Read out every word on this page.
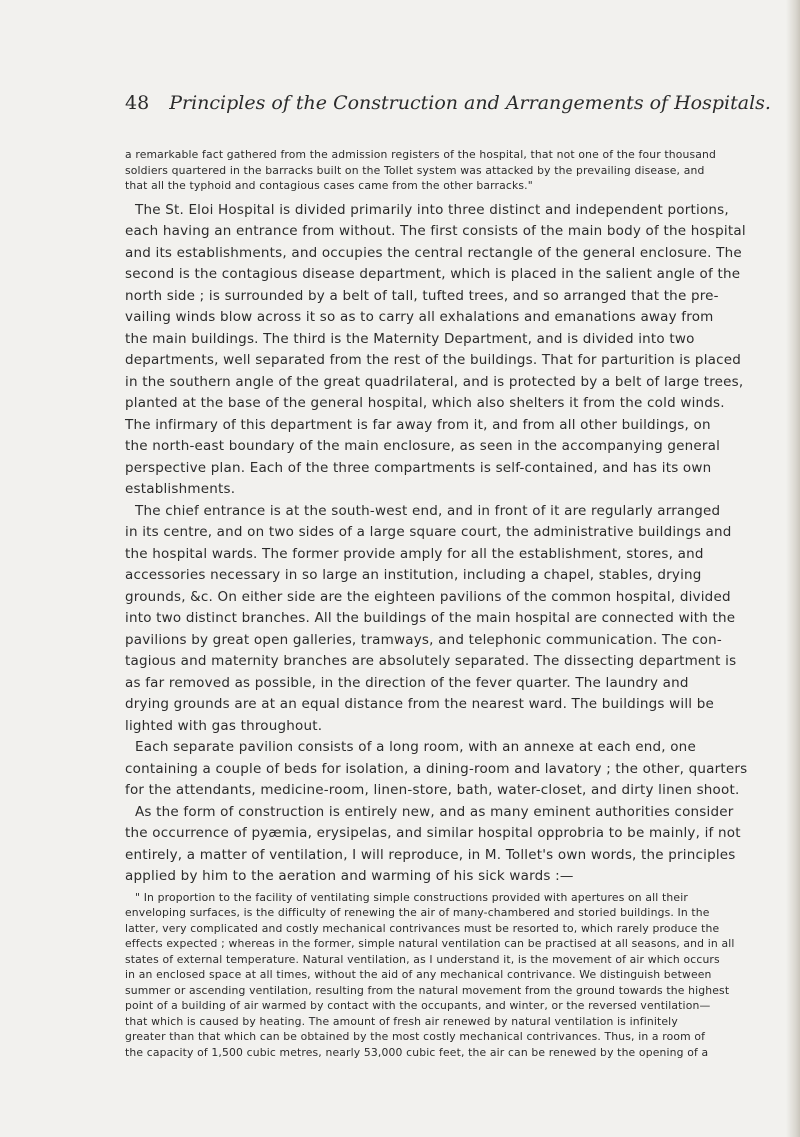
48 Principles of the Construction and Arrangements of Hospitals.
a remarkable fact gathered from the admission registers of the hospital, that not one of the four thousand
soldiers quartered in the barracks built on the Tollet system was attacked by the prevailing disease, and
that all the typhoid and contagious cases came from the other barracks."
The St. Eloi Hospital is divided primarily into three distinct and independent portions,
each having an entrance from without. The first consists of the main body of the hospital
and its establishments, and occupies the central rectangle of the general enclosure. The
second is the contagious disease department, which is placed in the salient angle of the
north side ; is surrounded by a belt of tall, tufted trees, and so arranged that the pre-
vailing winds blow across it so as to carry all exhalations and emanations away from
the main buildings. The third is the Maternity Department, and is divided into two
departments, well separated from the rest of the buildings. That for parturition is placed
in the southern angle of the great quadrilateral, and is protected by a belt of large trees,
planted at the base of the general hospital, which also shelters it from the cold winds.
The infirmary of this department is far away from it, and from all other buildings, on
the north-east boundary of the main enclosure, as seen in the accompanying general
perspective plan. Each of the three compartments is self-contained, and has its own
establishments.
The chief entrance is at the south-west end, and in front of it are regularly arranged
in its centre, and on two sides of a large square court, the administrative buildings and
the hospital wards. The former provide amply for all the establishment, stores, and
accessories necessary in so large an institution, including a chapel, stables, drying
grounds, &c. On either side are the eighteen pavilions of the common hospital, divided
into two distinct branches. All the buildings of the main hospital are connected with the
pavilions by great open galleries, tramways, and telephonic communication. The con-
tagious and maternity branches are absolutely separated. The dissecting department is
as far removed as possible, in the direction of the fever quarter. The laundry and
drying grounds are at an equal distance from the nearest ward. The buildings will be
lighted with gas throughout.
Each separate pavilion consists of a long room, with an annexe at each end, one
containing a couple of beds for isolation, a dining-room and lavatory ; the other, quarters
for the attendants, medicine-room, linen-store, bath, water-closet, and dirty linen shoot.
As the form of construction is entirely new, and as many eminent authorities consider
the occurrence of pyæmia, erysipelas, and similar hospital opprobria to be mainly, if not
entirely, a matter of ventilation, I will reproduce, in M. Tollet's own words, the principles
applied by him to the aeration and warming of his sick wards :—
" In proportion to the facility of ventilating simple constructions provided with apertures on all their
enveloping surfaces, is the difficulty of renewing the air of many-chambered and storied buildings. In the
latter, very complicated and costly mechanical contrivances must be resorted to, which rarely produce the
effects expected ; whereas in the former, simple natural ventilation can be practised at all seasons, and in all
states of external temperature. Natural ventilation, as I understand it, is the movement of air which occurs
in an enclosed space at all times, without the aid of any mechanical contrivance. We distinguish between
summer or ascending ventilation, resulting from the natural movement from the ground towards the highest
point of a building of air warmed by contact with the occupants, and winter, or the reversed ventilation—
that which is caused by heating. The amount of fresh air renewed by natural ventilation is infinitely
greater than that which can be obtained by the most costly mechanical contrivances. Thus, in a room of
the capacity of 1,500 cubic metres, nearly 53,000 cubic feet, the air can be renewed by the opening of a
